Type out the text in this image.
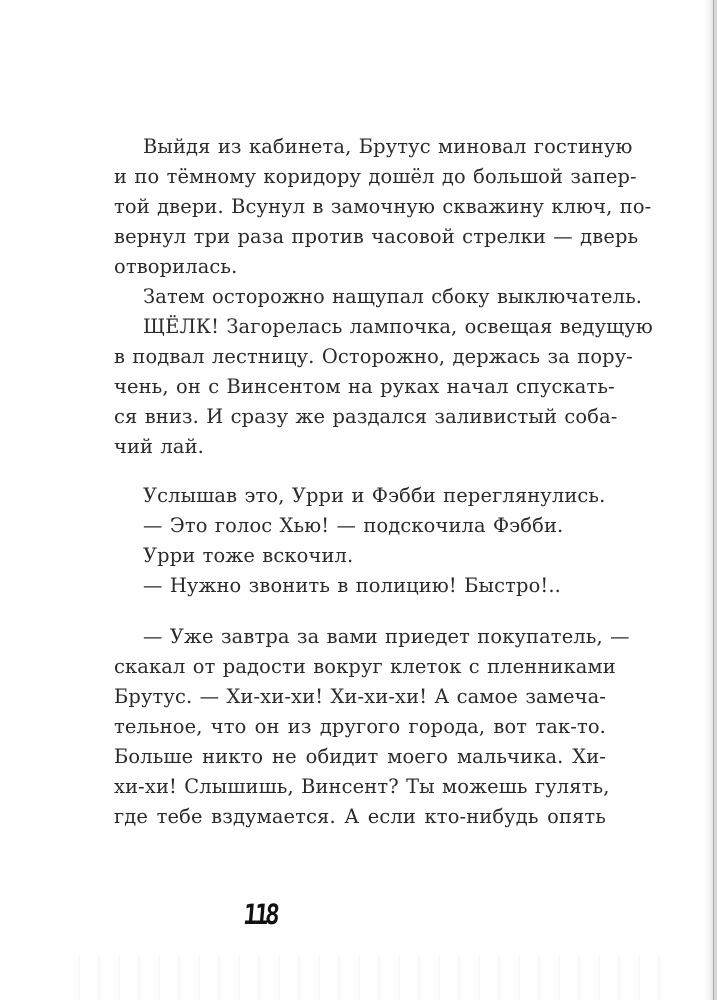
Выйдя из кабинета, Брутус миновал гостиную
и по тёмному коридору дошёл до большой запер-
той двери. Всунул в замочную скважину ключ, по-
вернул три раза против часовой стрелки — дверь
отворилась.
Затем осторожно нащупал сбоку выключатель.
ЩЁЛК! Загорелась лампочка, освещая ведущую
в подвал лестницу. Осторожно, держась за пору-
чень, он с Винсентом на руках начал спускать-
ся вниз. И сразу же раздался заливистый соба-
чий лай.
Услышав это, Урри и Фэбби переглянулись.
— Это голос Хью! — подскочила Фэбби.
Урри тоже вскочил.
— Нужно звонить в полицию! Быстро!..
— Уже завтра за вами приедет покупатель, —
скакал от радости вокруг клеток с пленниками
Брутус. — Хи-хи-хи! Хи-хи-хи! А самое замеча-
тельное, что он из другого города, вот так-то.
Больше никто не обидит моего мальчика. Хи-
хи-хи! Слышишь, Винсент? Ты можешь гулять,
где тебе вздумается. А если кто-нибудь опять
118
